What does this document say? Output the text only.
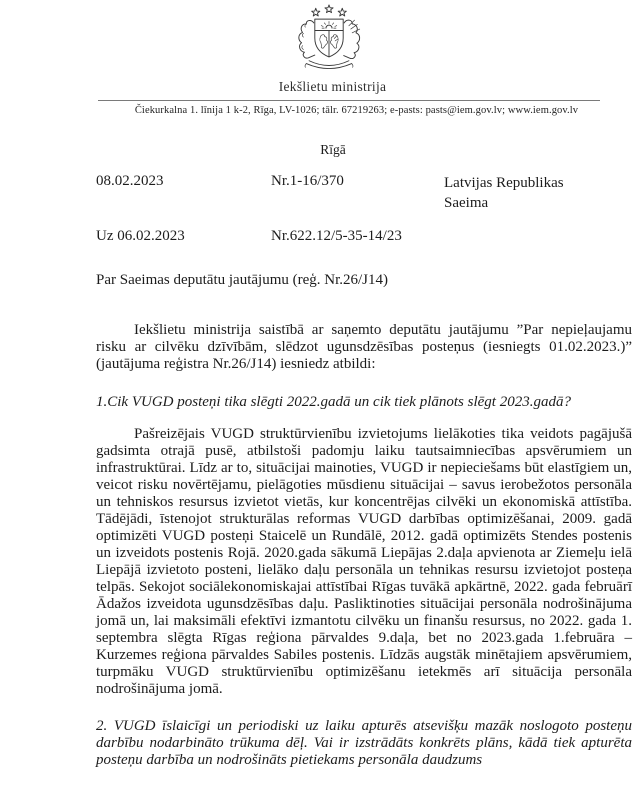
Iekšlietu ministrija
Čiekurkalna 1. līnija 1 k-2, Rīga, LV-1026; tālr. 67219263; e-pasts: pasts@iem.gov.lv; www.iem.gov.lv
Rīgā
08.02.2023	Nr.1-16/370	Latvijas Republikas Saeima
Uz 06.02.2023	Nr.622.12/5-35-14/23
Par Saeimas deputātu jautājumu (reģ. Nr.26/J14)

Iekšlietu ministrija saistībā ar saņemto deputātu jautājumu ”Par nepieļaujamu risku ar cilvēku dzīvībām, slēdzot ugunsdzēsības posteņus (iesniegts 01.02.2023.)” (jautājuma reģistra Nr.26/J14) iesniedz atbildi:

1.Cik VUGD posteņi tika slēgti 2022.gadā un cik tiek plānots slēgt 2023.gadā?

Pašreizējais VUGD struktūrvienību izvietojums lielākoties tika veidots pagājušā gadsimta otrajā pusē, atbilstoši padomju laiku tautsaimniecības apsvērumiem un infrastruktūrai. Līdz ar to, situācijai mainoties, VUGD ir nepieciešams būt elastīgiem un, veicot risku novērtējamu, pielāgoties mūsdienu situācijai – savus ierobežotos personāla un tehniskos resursus izvietot vietās, kur koncentrējas cilvēki un ekonomiskā attīstība. Tādējādi, īstenojot strukturālas reformas VUGD darbības optimizēšanai, 2009. gadā optimizēti VUGD posteņi Staicelē un Rundālē, 2012. gadā optimizēts Stendes postenis un izveidots postenis Rojā. 2020.gada sākumā Liepājas 2.daļa apvienota ar Ziemeļu ielā Liepājā izvietoto posteni, lielāko daļu personāla un tehnikas resursu izvietojot posteņa telpās. Sekojot sociālekonomiskajai attīstībai Rīgas tuvākā apkārtnē, 2022. gada februārī Ādažos izveidota ugunsdzēsības daļu. Pasliktinoties situācijai personāla nodrošinājuma jomā un, lai maksimāli efektīvi izmantotu cilvēku un finanšu resursus, no 2022. gada 1. septembra slēgta Rīgas reģiona pārvaldes 9.daļa, bet no 2023.gada 1.februāra – Kurzemes reģiona pārvaldes Sabiles postenis. Līdzās augstāk minētajiem apsvērumiem, turpmāku VUGD struktūrvienību optimizēšanu ietekmēs arī situācija personāla nodrošinājuma jomā.

2. VUGD īslaicīgi un periodiski uz laiku apturēs atsevišķu mazāk noslogoto posteņu darbību nodarbināto trūkuma dēļ. Vai ir izstrādāts konkrēts plāns, kādā tiek apturēta posteņu darbība un nodrošināts pietiekams personāla daudzums
